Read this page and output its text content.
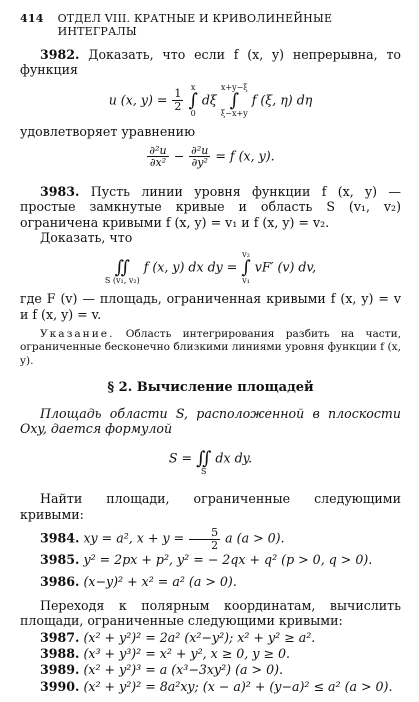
414 ОТДЕЛ VIII. КРАТНЫЕ И КРИВОЛИНЕЙНЫЕ ИНТЕГРАЛЫ

3982. Доказать, что если f (x, y) непрерывна, то функция

u (x, $y) = \frac{1}{2}$

x
∫
0
dξ
x+y−ξ
∫
ξ−x+y
f (ξ, η) dη

удовлетворяет уравнению

$\frac{\text{∂²u}}{\text{∂x²}} - \frac{\text{∂²u}}{\text{∂y²}} = f$ (x, y).

3983. Пусть линии уровня функции f (x, y) — простые замкнутые кривые и область S (v₁, v₂) ограничена кривыми f (x, y) = v₁ и f (x, y) = v₂.

Доказать, что

∬
S (v₁, v₂)
f (x, y) dx dy =
v₂
∫
v₁
vF′ (v) dv,

где F (v) — площадь, ограниченная кривыми f (x, y) = v и f (x, y) = v.

Указание. Область интегрирования разбить на части, ограниченные бесконечно близкими линиями уровня функции f (x, y).

§ 2. Вычисление площадей

Площадь области S, расположенной в плоскости Oxy, дается формулой

S =
∬
S
dx dy.

Найти площади, ограниченные следующими кривыми:

3984. xy = a², $x + y = \frac{5}{2}$ a (a > 0).

3985. y² = 2px + p², y² = − 2qx + q² (p > 0, q > 0).

3986. (x−y)² + x² = a² (a > 0).

Переходя к полярным координатам, вычислить площади, ограниченные следующими кривыми:

3987. (x² + y²)² = 2a² (x²−y²); x² + y² ≥ a².

3988. (x³ + y³)² = x² + y², x ≥ 0, y ≥ 0.

3989. (x² + y²)³ = a (x³−3xy²) (a > 0).

3990. (x² + y²)² = 8a²xy; (x − a)² + (y−a)² ≤ a² (a > 0).
